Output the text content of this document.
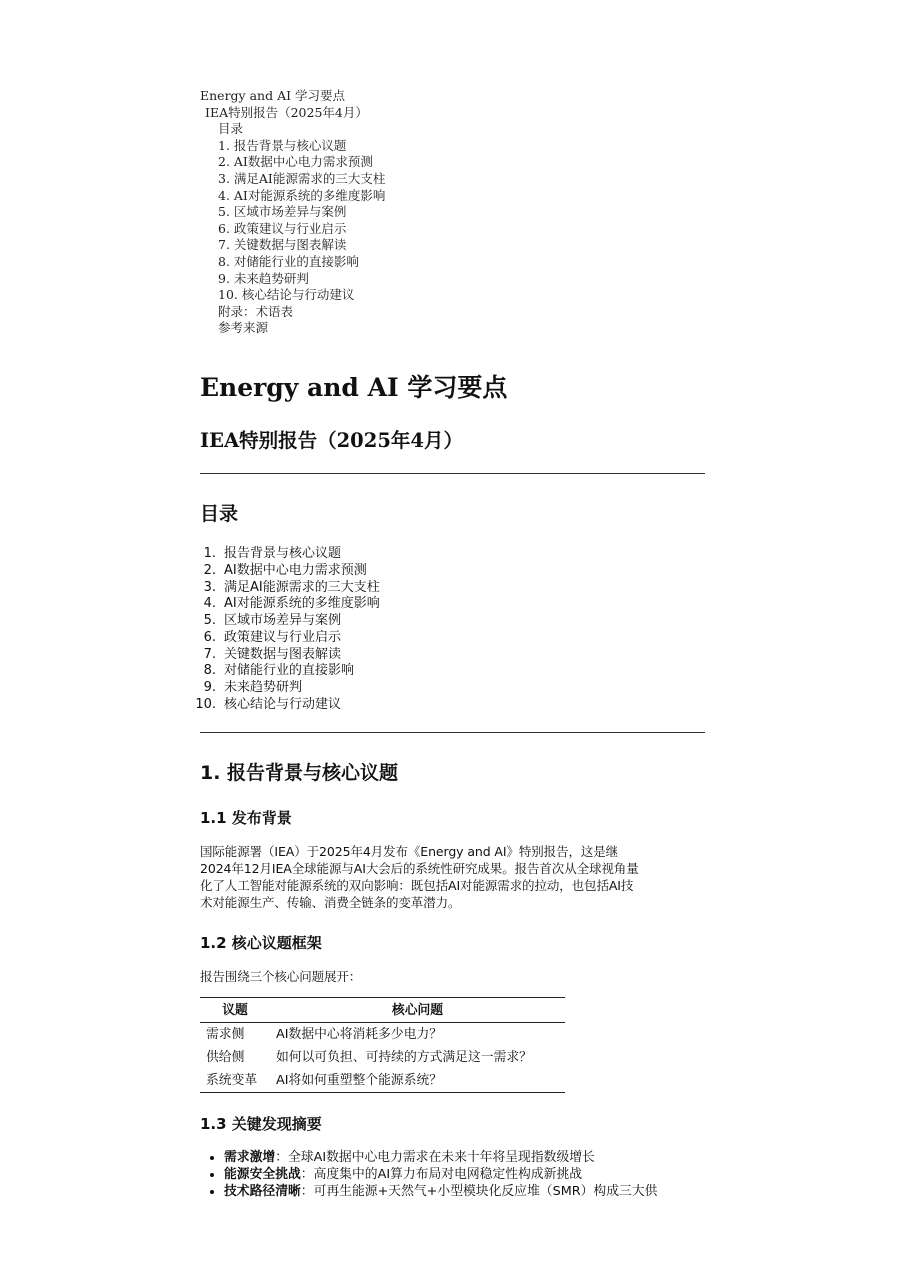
Energy and AI 学习要点
IEA特别报告（2025年4月）
目录
1. 报告背景与核心议题
2. AI数据中心电力需求预测
3. 满足AI能源需求的三大支柱
4. AI对能源系统的多维度影响
5. 区域市场差异与案例
6. 政策建议与行业启示
7. 关键数据与图表解读
8. 对储能行业的直接影响
9. 未来趋势研判
10. 核心结论与行动建议
附录：术语表
参考来源
Energy and AI 学习要点
IEA特别报告（2025年4月）
目录
1. 报告背景与核心议题
2. AI数据中心电力需求预测
3. 满足AI能源需求的三大支柱
4. AI对能源系统的多维度影响
5. 区域市场差异与案例
6. 政策建议与行业启示
7. 关键数据与图表解读
8. 对储能行业的直接影响
9. 未来趋势研判
10. 核心结论与行动建议
1. 报告背景与核心议题
1.1 发布背景

国际能源署（IEA）于2025年4月发布《Energy and AI》特别报告，这是继
2024年12月IEA全球能源与AI大会后的系统性研究成果。报告首次从全球视角量
化了人工智能对能源系统的双向影响：既包括AI对能源需求的拉动，也包括AI技
术对能源生产、传输、消费全链条的变革潜力。

1.2 核心议题框架

报告围绕三个核心问题展开：

议题	核心问题
需求侧	AI数据中心将消耗多少电力？
供给侧	如何以可负担、可持续的方式满足这一需求？
系统变革	AI将如何重塑整个能源系统？
1.3 关键发现摘要
• 需求激增：全球AI数据中心电力需求在未来十年将呈现指数级增长
• 能源安全挑战：高度集中的AI算力布局对电网稳定性构成新挑战
• 技术路径清晰：可再生能源+天然气+小型模块化反应堆（SMR）构成三大供
